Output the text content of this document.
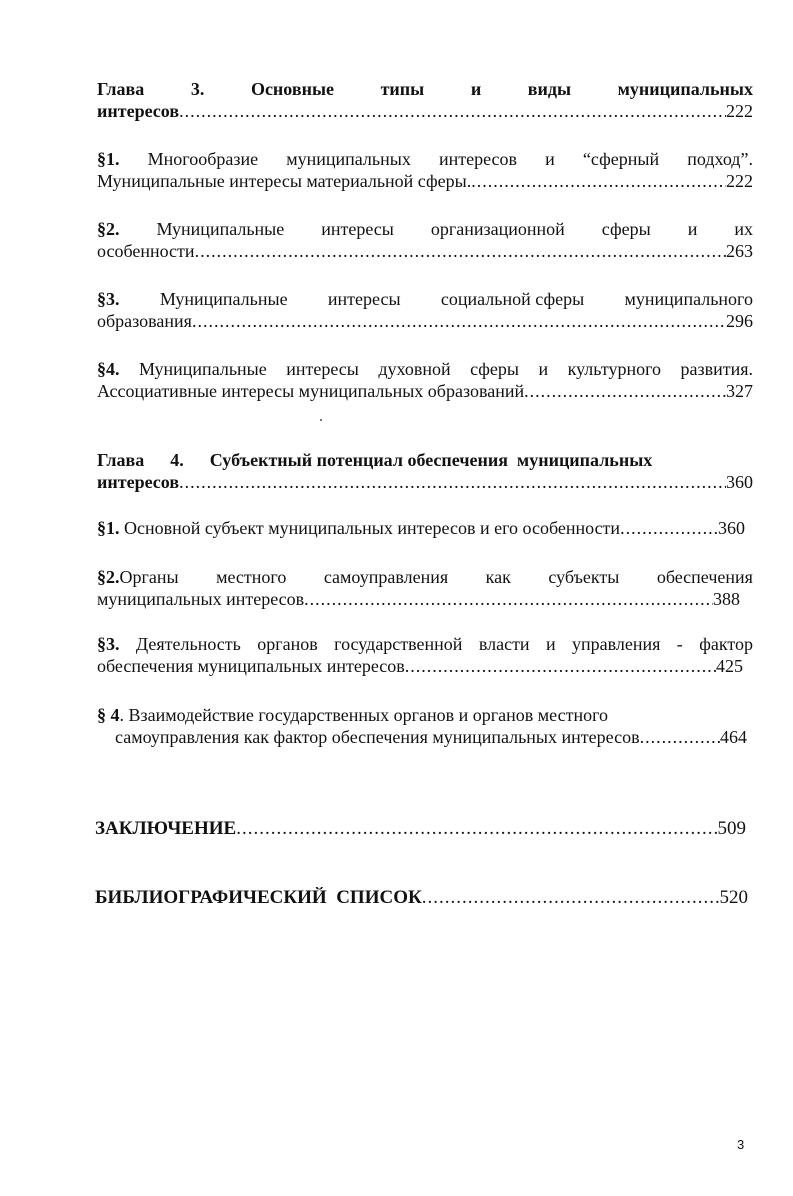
Глава	3.	Основные	типы	и	виды	муниципальных
интересов .....	222
§1. Многообразие муниципальных интересов и “сферный подход”.
Муниципальные интересы материальной сферы. .....	222
§2. Муниципальные интересы организационной сферы и их
особенности .....	263
§3. Муниципальные интересы социальной сферы муниципального
образования .....	296
§4. Муниципальные интересы духовной сферы и культурного развития.
Ассоциативные интересы муниципальных образований .....	327
Глава 4. Субъектный потенциал обеспечения  муниципальных
интересов .....	360
§1. Основной субъект муниципальных интересов и его особенности .....	360
§2.Органы местного самоуправления как субъекты обеспечения
муниципальных интересов .....	388
§3. Деятельность органов государственной власти и управления - фактор
обеспечения муниципальных интересов .....	425
§ 4 . Взаимодействие государственных органов и органов местного
самоуправления как фактор обеспечения муниципальных интересов .....	464
ЗАКЛЮЧЕНИЕ .....	509
БИБЛИОГРАФИЧЕСКИЙ  СПИСОК .....	520
3
